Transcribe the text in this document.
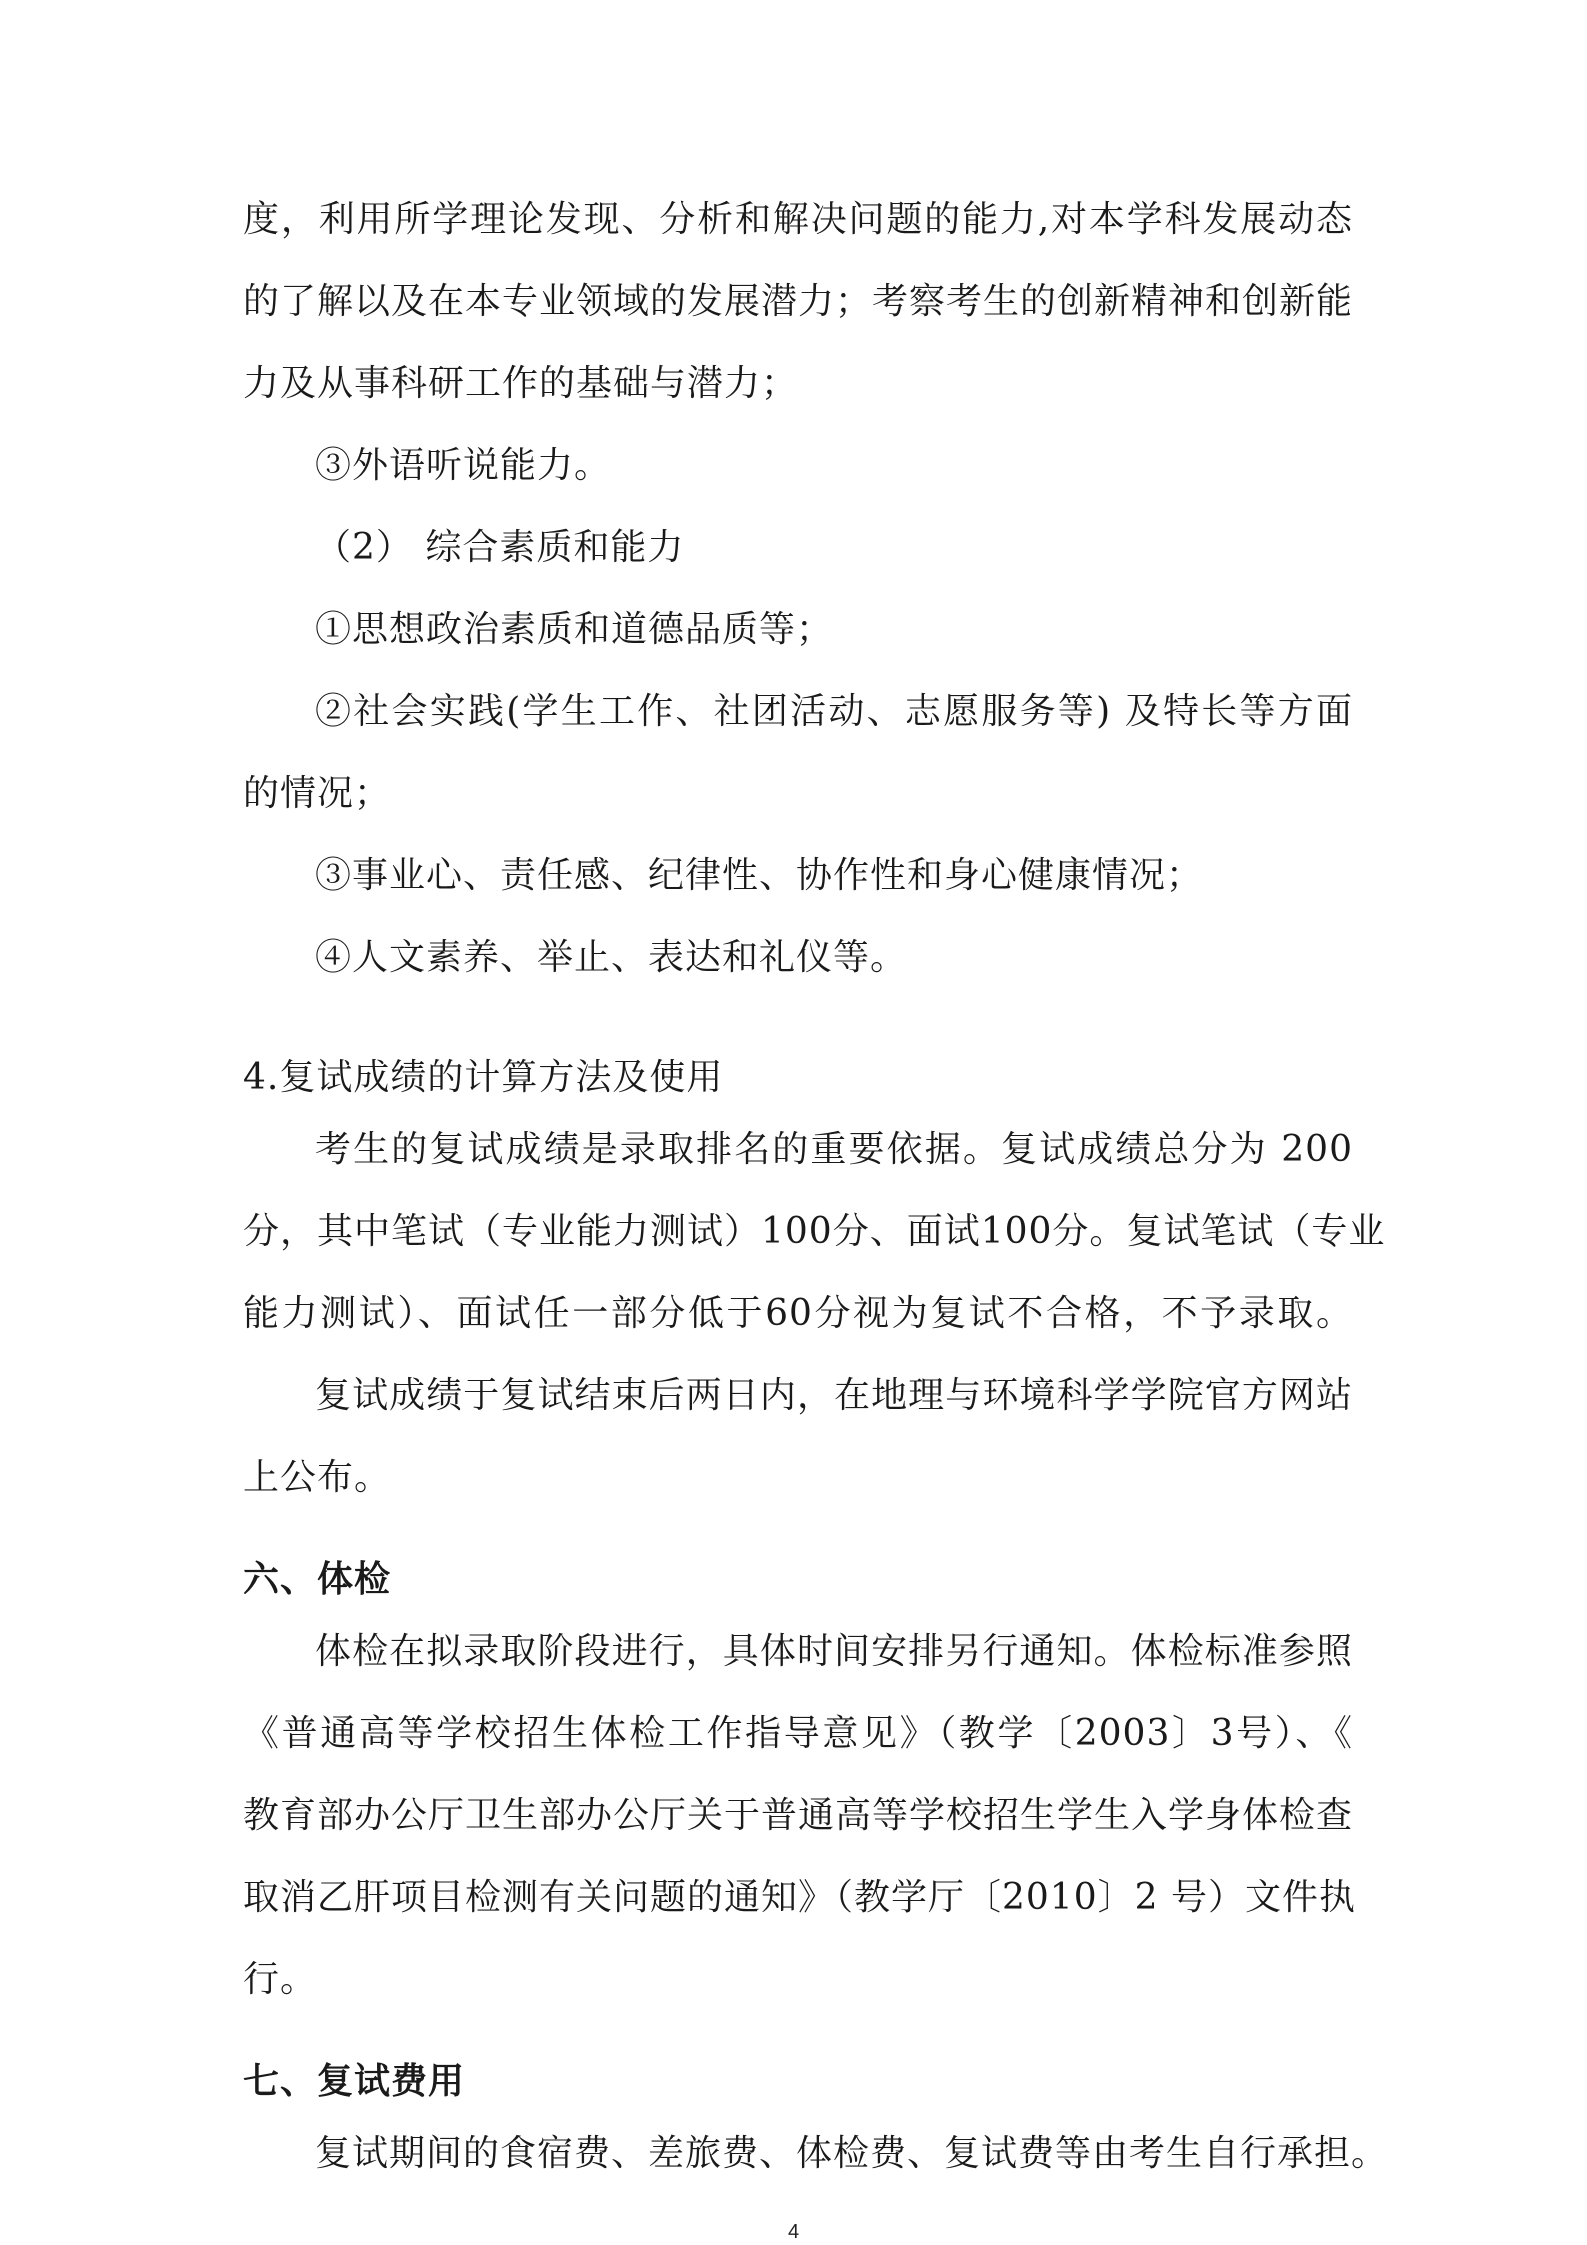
度，利用所学理论发现、分析和解决问题的能力,对本学科发展动态
的了解以及在本专业领域的发展潜力；考察考生的创新精神和创新能
力及从事科研工作的基础与潜力；
③外语听说能力。
（2） 综合素质和能力
①思想政治素质和道德品质等；
②社会实践(学生工作、社团活动、志愿服务等) 及特长等方面
的情况；
③事业心、责任感、纪律性、协作性和身心健康情况；
④人文素养、举止、表达和礼仪等。
4.复试成绩的计算方法及使用
考生的复试成绩是录取排名的重要依据。复试成绩总分为 200
分，其中笔试（专业能力测试）100分、面试100分。复试笔试（专业
能力测试）、面试任一部分低于60分视为复试不合格，不予录取。
复试成绩于复试结束后两日内，在地理与环境科学学院官方网站
上公布。
六、体检
体检在拟录取阶段进行，具体时间安排另行通知。体检标准参照
《普通高等学校招生体检工作指导意见》（教学〔2003〕3号）、《
教育部办公厅卫生部办公厅关于普通高等学校招生学生入学身体检查
取消乙肝项目检测有关问题的通知》（教学厅〔2010〕2 号）文件执
行。
七、复试费用
复试期间的食宿费、差旅费、体检费、复试费等由考生自行承担。
4
